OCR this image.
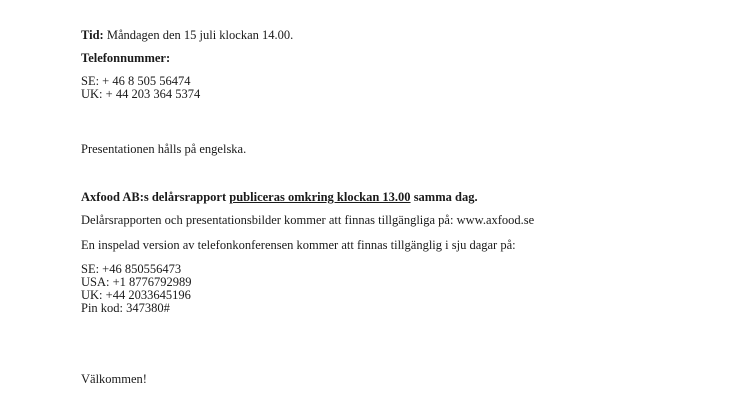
Tid: Måndagen den 15 juli klockan 14.00.
Telefonnummer:
SE: + 46 8 505 56474
UK: + 44 203 364 5374
Presentationen hålls på engelska.
Axfood AB:s delårsrapport publiceras omkring klockan 13.00 samma dag.
Delårsrapporten och presentationsbilder kommer att finnas tillgängliga på: www.axfood.se
En inspelad version av telefonkonferensen kommer att finnas tillgänglig i sju dagar på:
SE: +46 850556473
USA: +1 8776792989
UK: +44 2033645196
Pin kod: 347380#
Välkommen!
